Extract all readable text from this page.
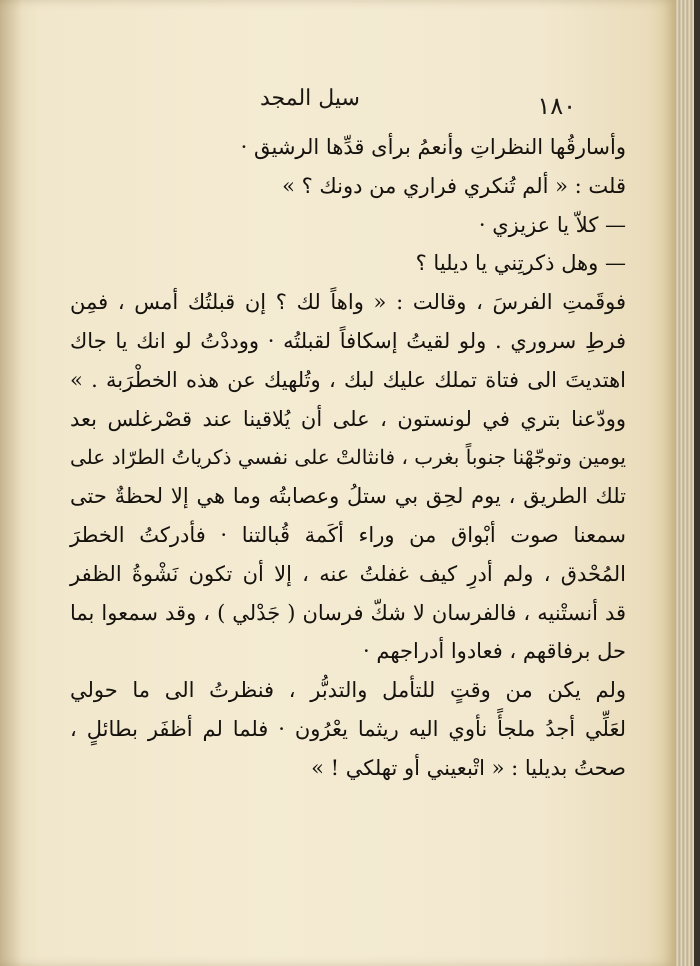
١٨٠
سيل المجد
وأسارقُها النظراتِ وأنعمُ برأى قدِّها الرشيق ·
قلت : « ألم تُنكري فراري من دونك ؟ »
— كلاّ يا عزيزي ·
— وهل ذكرتِني يا ديليا ؟
فوقَمتِ الفرسَ ، وقالت : « واهاً لك ؟ إن قبلتُك أمس ، فمِن
فرطِ سروري . ولو لقيتُ إسكافاً لقبلتُه · ووددْتُ لو انك يا جاك
اهتديتَ الى فتاة تملك عليك لبك ، وتُلهيك عن هذه الخطْرَبة . »
وودّعنا بتري في لونستون ، على أن يُلاقينا عند قصْرغلس بعد
يومين وتوجّهْنا جنوباً بغرب ، فانثالتْ على نفسي ذكرياتُ الطرّاد على
تلك الطريق ، يوم لحِق بي ستلُ وعصابتُه وما هي إلا لحظةٌ حتى
سمعنا صوت أبْواق من وراء أكَمة قُبالتنا · فأدركتُ الخطرَ
المُحْدق ، ولم أدرِ كيف غفلتُ عنه ، إلا أن تكون نَشْوةُ الظفر
قد أنستْنيه ، فالفرسان لا شكّ فرسان ( جَدْلي ) ، وقد سمعوا بما
حل برفاقهم ، فعادوا أدراجهم ·
ولم يكن من وقتٍ للتأمل والتدبُّر ، فنظرتُ الى ما حولي
لعَلِّي أجدُ ملجأً نأوي اليه ريثما يعْرُون · فلما لم أظفَر بطائلٍ ،
صحتُ بديليا : « اتْبعيني أو تهلكي ! »
